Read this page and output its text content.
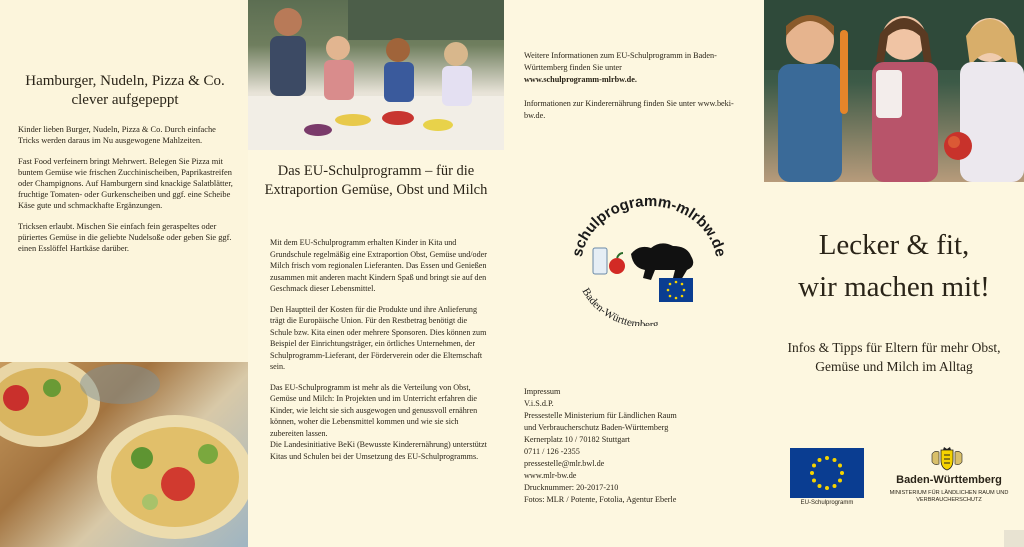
Hamburger, Nudeln, Pizza & Co. clever aufgepeppt

Kinder lieben Burger, Nudeln, Pizza & Co. Durch einfache Tricks werden daraus im Nu ausgewogene Mahlzeiten.

Fast Food verfeinern bringt Mehrwert. Belegen Sie Pizza mit buntem Gemüse wie frischen Zucchinischeiben, Paprikastreifen oder Champignons. Auf Hamburgern sind knackige Salatblätter, fruchtige Tomaten- oder Gurkenscheiben und ggf. eine Scheibe Käse gute und schmackhafte Ergänzungen.

Tricksen erlaubt. Mischen Sie einfach fein geraspeltes oder püriertes Gemüse in die geliebte Nudelsoße oder geben Sie ggf. einen Esslöffel Hartkäse darüber.

Das EU-Schulprogramm – für die Extraportion Gemüse, Obst und Milch

Mit dem EU-Schulprogramm erhalten Kinder in Kita und Grundschule regelmäßig eine Extraportion Obst, Gemüse und/oder Milch frisch vom regionalen Lieferanten. Das Essen und Genießen zusammen mit anderen macht Kindern Spaß und bringt sie auf den Geschmack dieser Lebensmittel.

Den Hauptteil der Kosten für die Produkte und ihre Anlieferung trägt die Europäische Union. Für den Restbetrag benötigt die Schule bzw. Kita einen oder mehrere Sponsoren. Dies können zum Beispiel der Einrichtungsträger, ein örtliches Unternehmen, der Schulprogramm-Lieferant, der Förderverein oder die Elternschaft sein.

Das EU-Schulprogramm ist mehr als die Verteilung von Obst, Gemüse und Milch: In Projekten und im Unterricht erfahren die Kinder, wie leicht sie sich ausgewogen und genussvoll ernähren können, woher die Lebensmittel kommen und wie sie sich zubereiten lassen.

Die Landesinitiative BeKi (Bewusste Kinderernährung) unterstützt Kitas und Schulen bei der Umsetzung des EU-Schulprogramms.

Weitere Informationen zum EU-Schulprogramm in Baden-Württemberg finden Sie unter
www.schulprogramm-mlrbw.de.

Informationen zur Kinderernährung finden Sie unter www.beki-bw.de.

schulprogramm-mlrbw.de
Baden-Württemberg
Impressum
V.i.S.d.P.
Pressestelle Ministerium für Ländlichen Raum
und Verbraucherschutz Baden-Württemberg
Kernerplatz 10 / 70182 Stuttgart
0711 / 126 -2355
pressestelle@mlr.bwl.de
www.mlr-bw.de
Drucknummer: 20-2017-210
Fotos: MLR / Potente, Fotolia, Agentur Eberle
Lecker & fit,
wir machen mit!
Infos & Tipps für Eltern für mehr Obst, Gemüse und Milch im Alltag
EU-Schulprogramm
Baden-Württemberg
MINISTERIUM FÜR LÄNDLICHEN RAUM UND VERBRAUCHERSCHUTZ
